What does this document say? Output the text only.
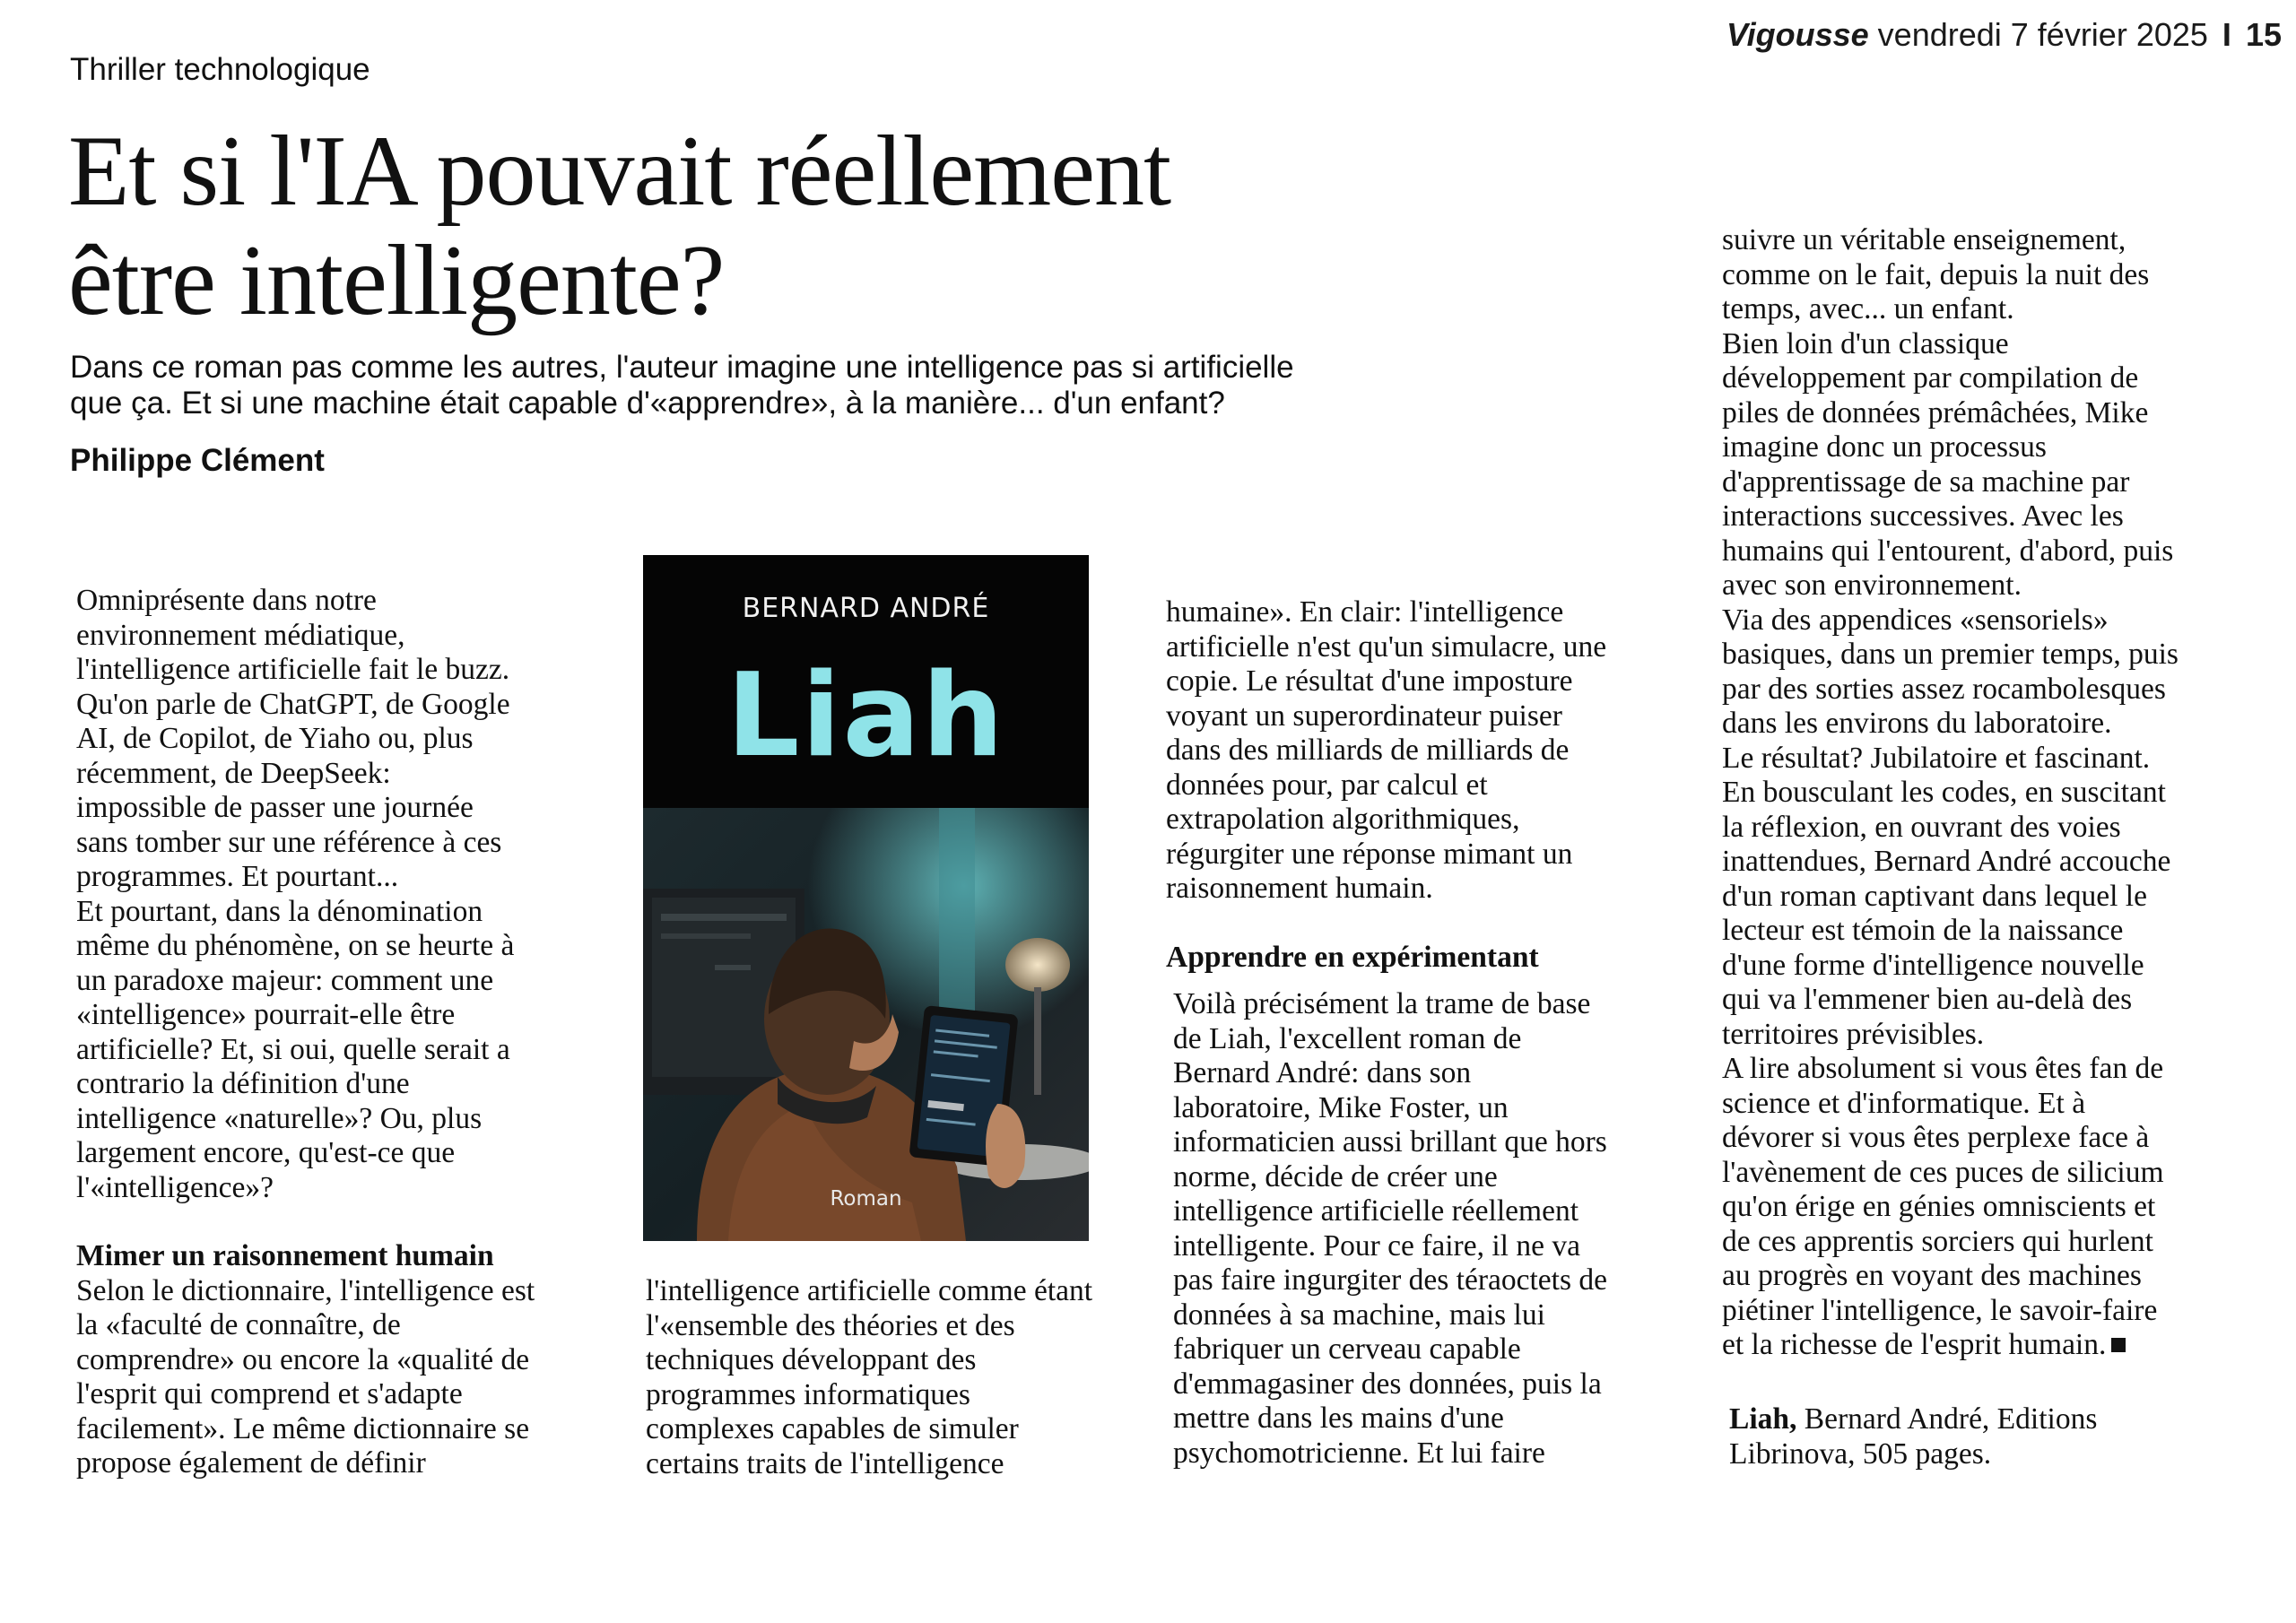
Vigousse vendredi 7 février 2025 I 15
Thriller technologique
Et si l'IA pouvait réellement
être intelligente?

Dans ce roman pas comme les autres, l'auteur imagine une intelligence pas si artificielle
que ça. Et si une machine était capable d'«apprendre», à la manière... d'un enfant?

Philippe Clément

Omniprésente dans notre
environnement médiatique,
l'intelligence artificielle fait le buzz.
Qu'on parle de ChatGPT, de Google
AI, de Copilot, de Yiaho ou, plus
récemment, de DeepSeek:
impossible de passer une journée
sans tomber sur une référence à ces
programmes. Et pourtant...

Et pourtant, dans la dénomination
même du phénomène, on se heurte à
un paradoxe majeur: comment une
«intelligence» pourrait-elle être
artificielle? Et, si oui, quelle serait a
contrario la définition d'une
intelligence «naturelle»? Ou, plus
largement encore, qu'est-ce que
l'«intelligence»?

Mimer un raisonnement humain

Selon le dictionnaire, l'intelligence est
la «faculté de connaître, de
comprendre» ou encore la «qualité de
l'esprit qui comprend et s'adapte
facilement». Le même dictionnaire se
propose également de définir

BERNARD ANDRÉ
Liah
Roman

l'intelligence artificielle comme étant
l'«ensemble des théories et des
techniques développant des
programmes informatiques
complexes capables de simuler
certains traits de l'intelligence

humaine». En clair: l'intelligence
artificielle n'est qu'un simulacre, une
copie. Le résultat d'une imposture
voyant un superordinateur puiser
dans des milliards de milliards de
données pour, par calcul et
extrapolation algorithmiques,
régurgiter une réponse mimant un
raisonnement humain.

Apprendre en expérimentant

Voilà précisément la trame de base
de Liah, l'excellent roman de
Bernard André: dans son
laboratoire, Mike Foster, un
informaticien aussi brillant que hors
norme, décide de créer une
intelligence artificielle réellement
intelligente. Pour ce faire, il ne va
pas faire ingurgiter des téraoctets de
données à sa machine, mais lui
fabriquer un cerveau capable
d'emmagasiner des données, puis la
mettre dans les mains d'une
psychomotricienne. Et lui faire

suivre un véritable enseignement,
comme on le fait, depuis la nuit des
temps, avec... un enfant.

Bien loin d'un classique
développement par compilation de
piles de données prémâchées, Mike
imagine donc un processus
d'apprentissage de sa machine par
interactions successives. Avec les
humains qui l'entourent, d'abord, puis
avec son environnement.

Via des appendices «sensoriels»
basiques, dans un premier temps, puis
par des sorties assez rocambolesques
dans les environs du laboratoire.

Le résultat? Jubilatoire et fascinant.
En bousculant les codes, en suscitant
la réflexion, en ouvrant des voies
inattendues, Bernard André accouche
d'un roman captivant dans lequel le
lecteur est témoin de la naissance
d'une forme d'intelligence nouvelle
qui va l'emmener bien au-delà des
territoires prévisibles.

A lire absolument si vous êtes fan de
science et d'informatique. Et à
dévorer si vous êtes perplexe face à
l'avènement de ces puces de silicium
qu'on érige en génies omniscients et
de ces apprentis sorciers qui hurlent
au progrès en voyant des machines
piétiner l'intelligence, le savoir-faire
et la richesse de l'esprit humain.

Liah, Bernard André, Editions
Librinova, 505 pages.
